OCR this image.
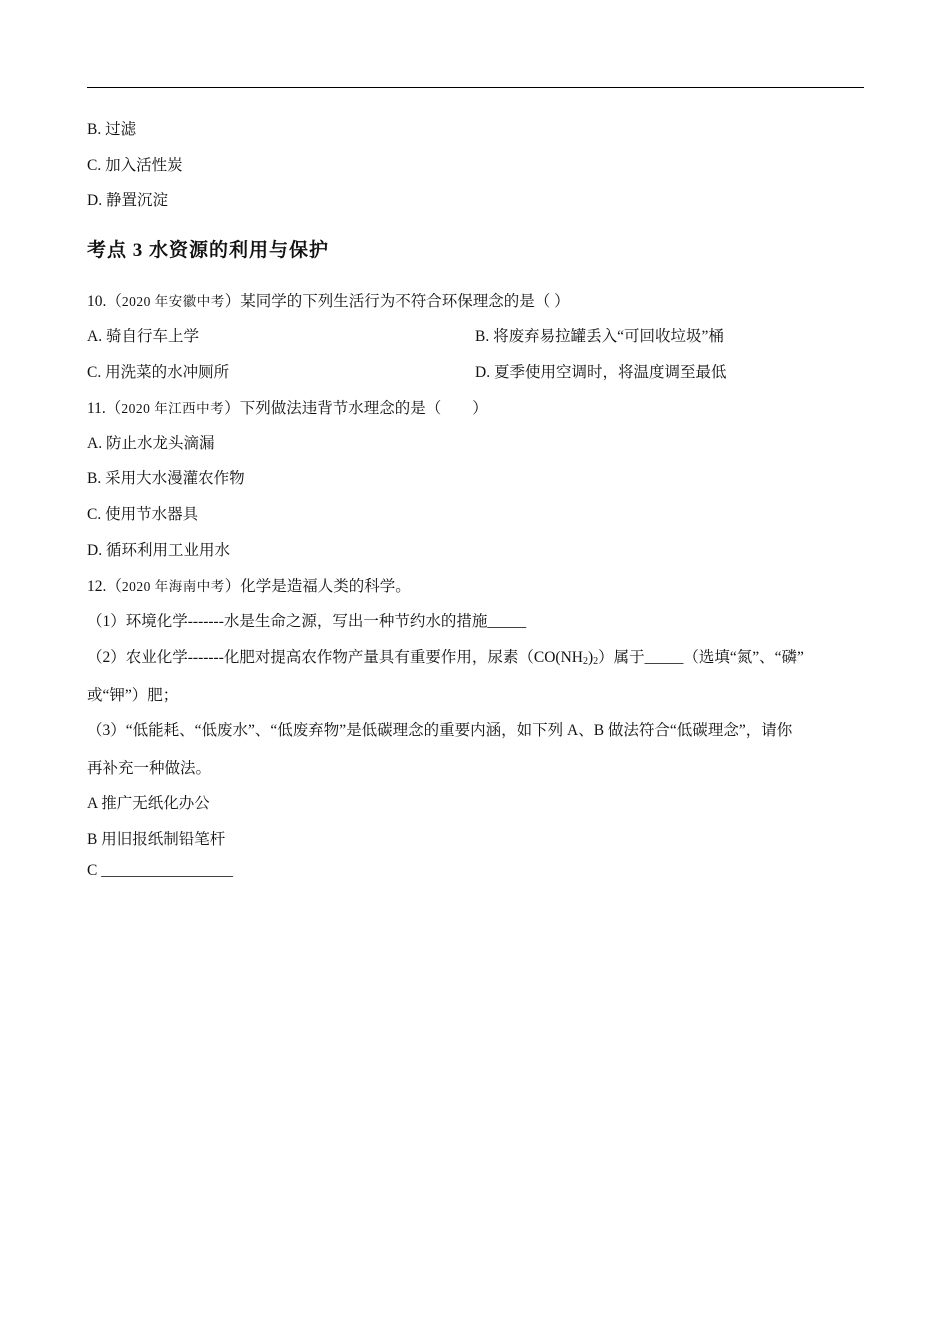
B. 过滤
C. 加入活性炭
D. 静置沉淀
考点 3 水资源的利用与保护
10.（2020 年安徽中考）某同学的下列生活行为不符合环保理念的是（ ）
A. 骑自行车上学	B. 将废弃易拉罐丢入“可回收垃圾”桶
C. 用洗菜的水冲厕所	D. 夏季使用空调时，将温度调至最低
11.（2020 年江西中考）下列做法违背节水理念的是（　　）
A. 防止水龙头滴漏
B. 采用大水漫灌农作物
C. 使用节水器具
D. 循环利用工业用水
12.（2020 年海南中考）化学是造福人类的科学。
（1）环境化学-------水是生命之源，写出一种节约水的措施_____
（2）农业化学-------化肥对提高农作物产量具有重要作用，尿素$(CO(NH_2)_2)$属于_____（选填“氮”、“磷”
或“钾”）肥；
（3）“低能耗、“低废水”、“低废弃物”是低碳理念的重要内涵，如下列 A、B 做法符合“低碳理念”，请你
再补充一种做法。
A 推广无纸化办公
B 用旧报纸制铅笔杆
C _________________
